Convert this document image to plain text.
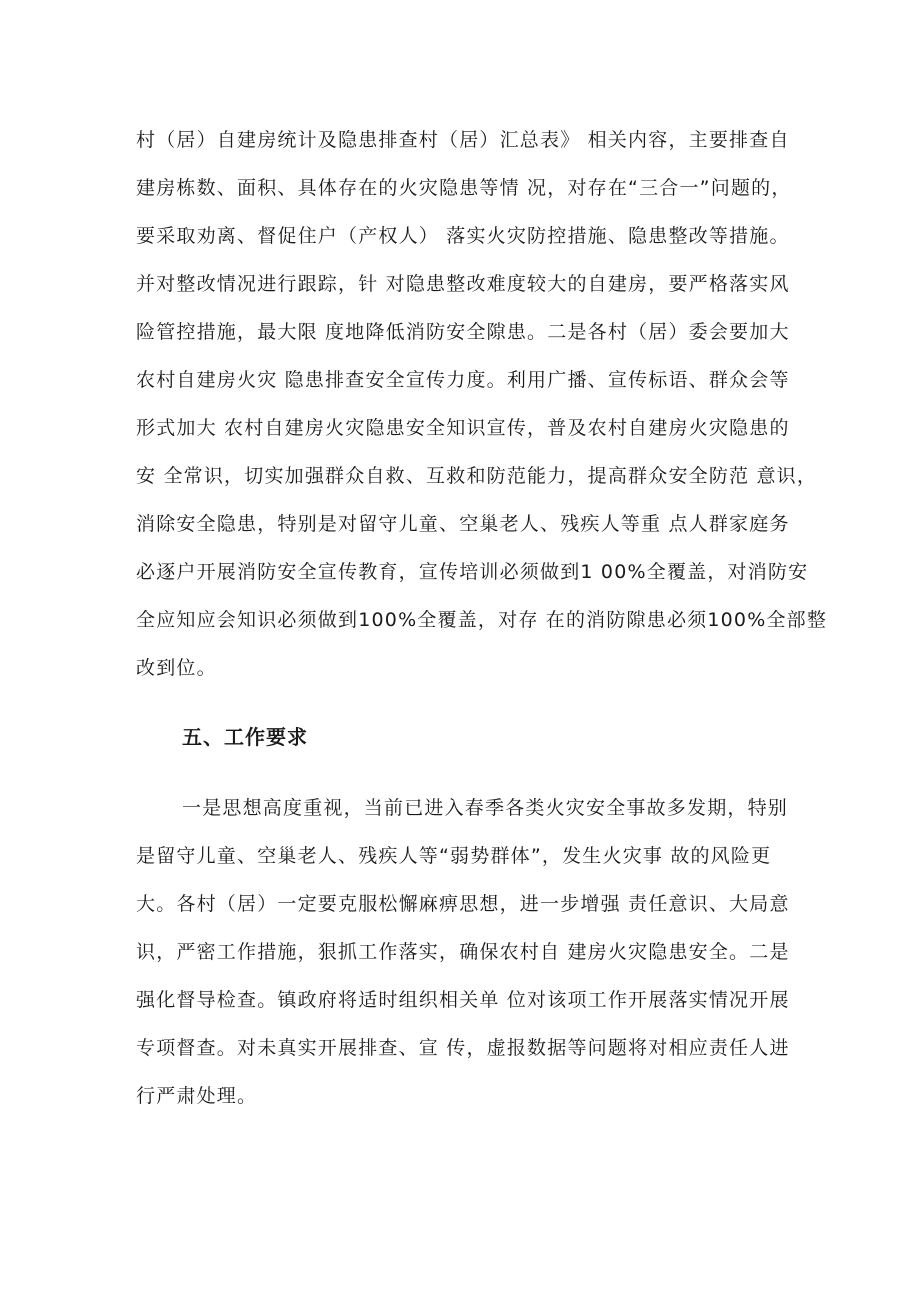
村（居）自建房统计及隐患排查村（居）汇总表》 相关内容，主要排查自

建房栋数、面积、具体存在的火灾隐患等情 况，对存在“三合一”问题的，

要采取劝离、督促住户（产权人） 落实火灾防控措施、隐患整改等措施。

并对整改情况进行跟踪，针 对隐患整改难度较大的自建房，要严格落实风

险管控措施，最大限 度地降低消防安全隙患。二是各村（居）委会要加大

农村自建房火灾 隐患排查安全宣传力度。利用广播、宣传标语、群众会等

形式加大 农村自建房火灾隐患安全知识宣传，普及农村自建房火灾隐患的

安 全常识，切实加强群众自救、互救和防范能力，提高群众安全防范 意识，

消除安全隐患，特别是对留守儿童、空巢老人、残疾人等重 点人群家庭务

必逐户开展消防安全宣传教育，宣传培训必须做到1 00%全覆盖，对消防安

全应知应会知识必须做到100%全覆盖，对存 在的消防隙患必须100%全部整

改到位。

五、工作要求

一是思想高度重视，当前已进入春季各类火灾安全事故多发期，特别

是留守儿童、空巢老人、残疾人等“弱势群体”，发生火灾事 故的风险更

大。各村（居）一定要克服松懈麻痹思想，进一步增强 责任意识、大局意

识，严密工作措施，狠抓工作落实，确保农村自 建房火灾隐患安全。二是

强化督导检查。镇政府将适时组织相关单 位对该项工作开展落实情况开展

专项督查。对未真实开展排查、宣 传，虚报数据等问题将对相应责任人进

行严肃处理。
